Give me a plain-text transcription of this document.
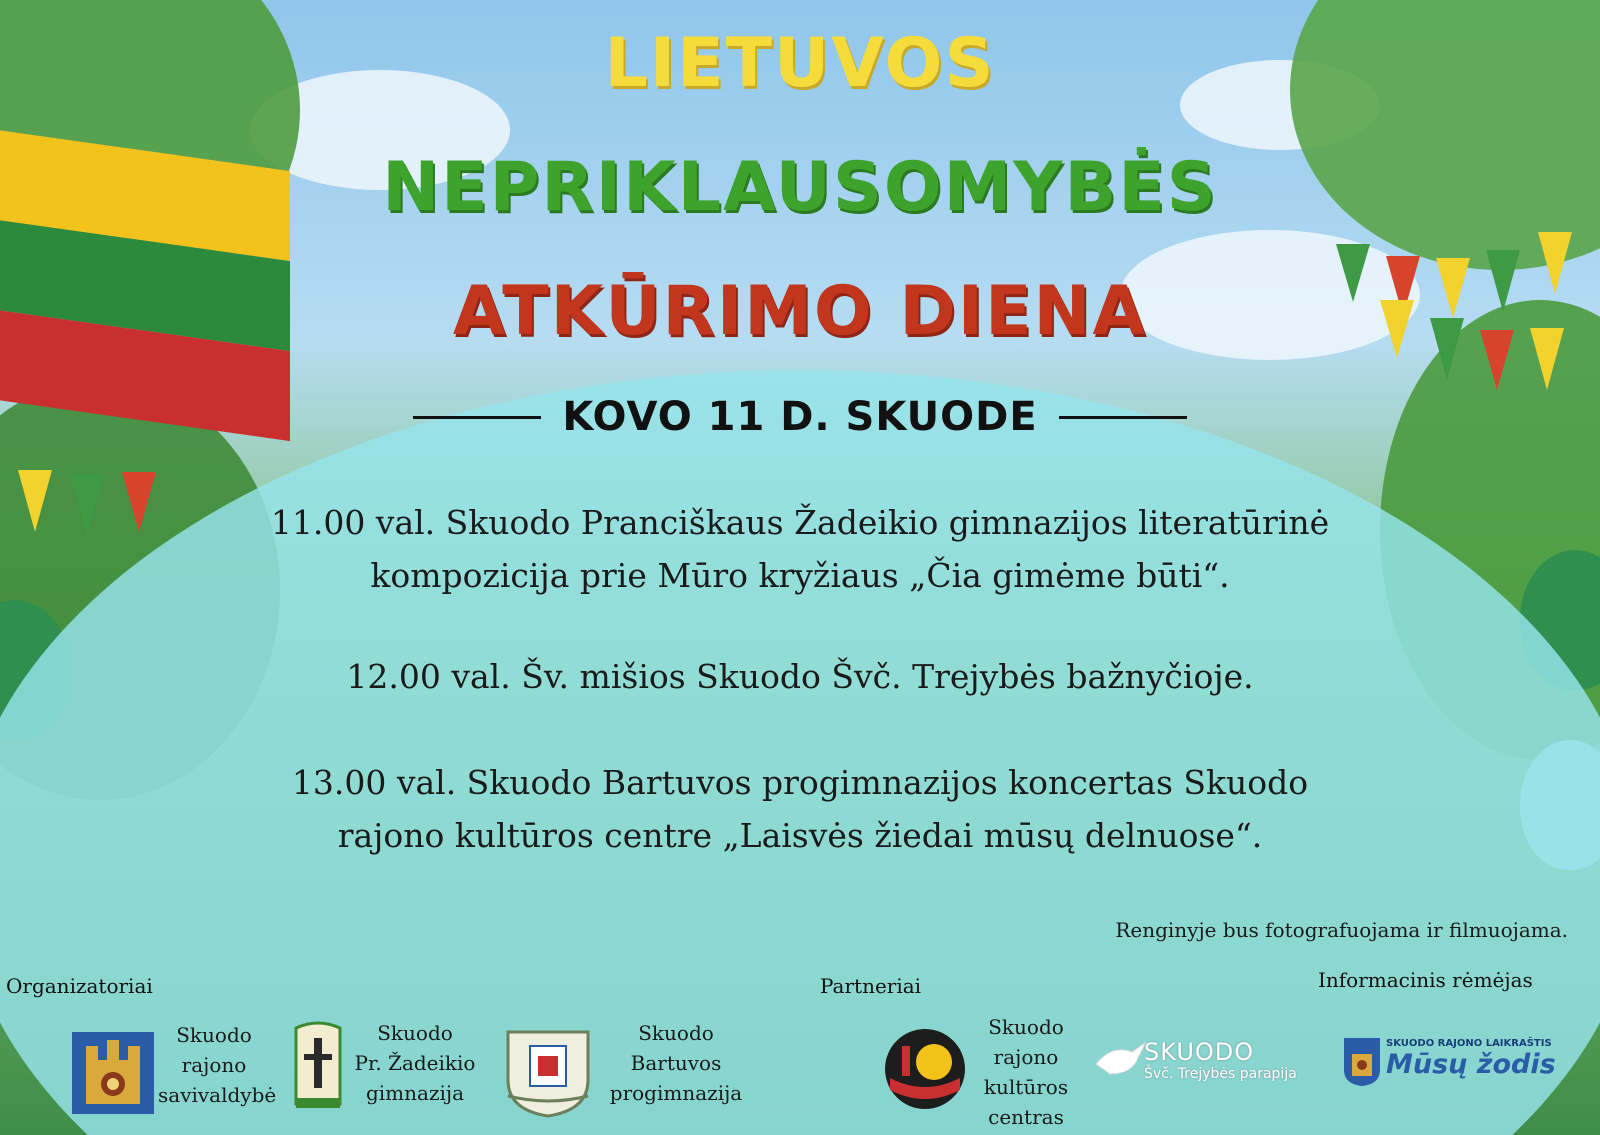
LIETUVOS
NEPRIKLAUSOMYBĖS
ATKŪRIMO DIENA
KOVO 11 D. SKUODE
11.00 val. Skuodo Pranciškaus Žadeikio gimnazijos literatūrinė
kompozicija prie Mūro kryžiaus „Čia gimėme būti“.
12.00 val. Šv. mišios Skuodo Švč. Trejybės bažnyčioje.
13.00 val. Skuodo Bartuvos progimnazijos koncertas Skuodo
rajono kultūros centre „Laisvės žiedai mūsų delnuose“.

Renginyje bus fotografuojama ir filmuojama.

Organizatoriai	Partneriai	Informacinis rėmėjas

Skuodo
rajono
savivaldybė
Skuodo
Pr. Žadeikio
gimnazija
Skuodo
Bartuvos
progimnazija
Skuodo
rajono
kultūros
centras
SKUODO
Švč. Trejybės parapija
SKUODO RAJONO LAIKRAŠTIS
Mūsų žodis
